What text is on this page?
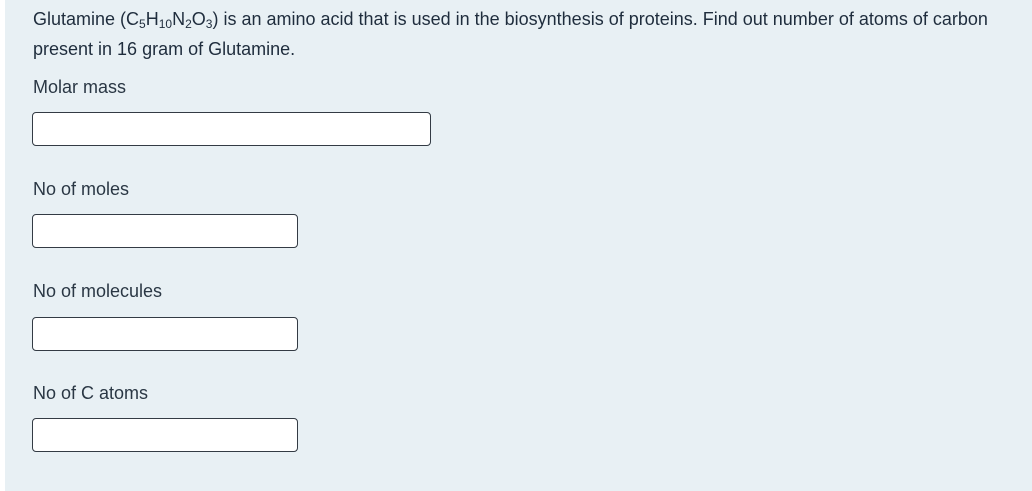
Glutamine $(C_5H_{10}N_2O_3)$ is an amino acid that is used in the biosynthesis of proteins. Find out number of atoms of carbon present in 16 gram of Glutamine.

Molar mass

No of moles

No of molecules

No of C atoms
